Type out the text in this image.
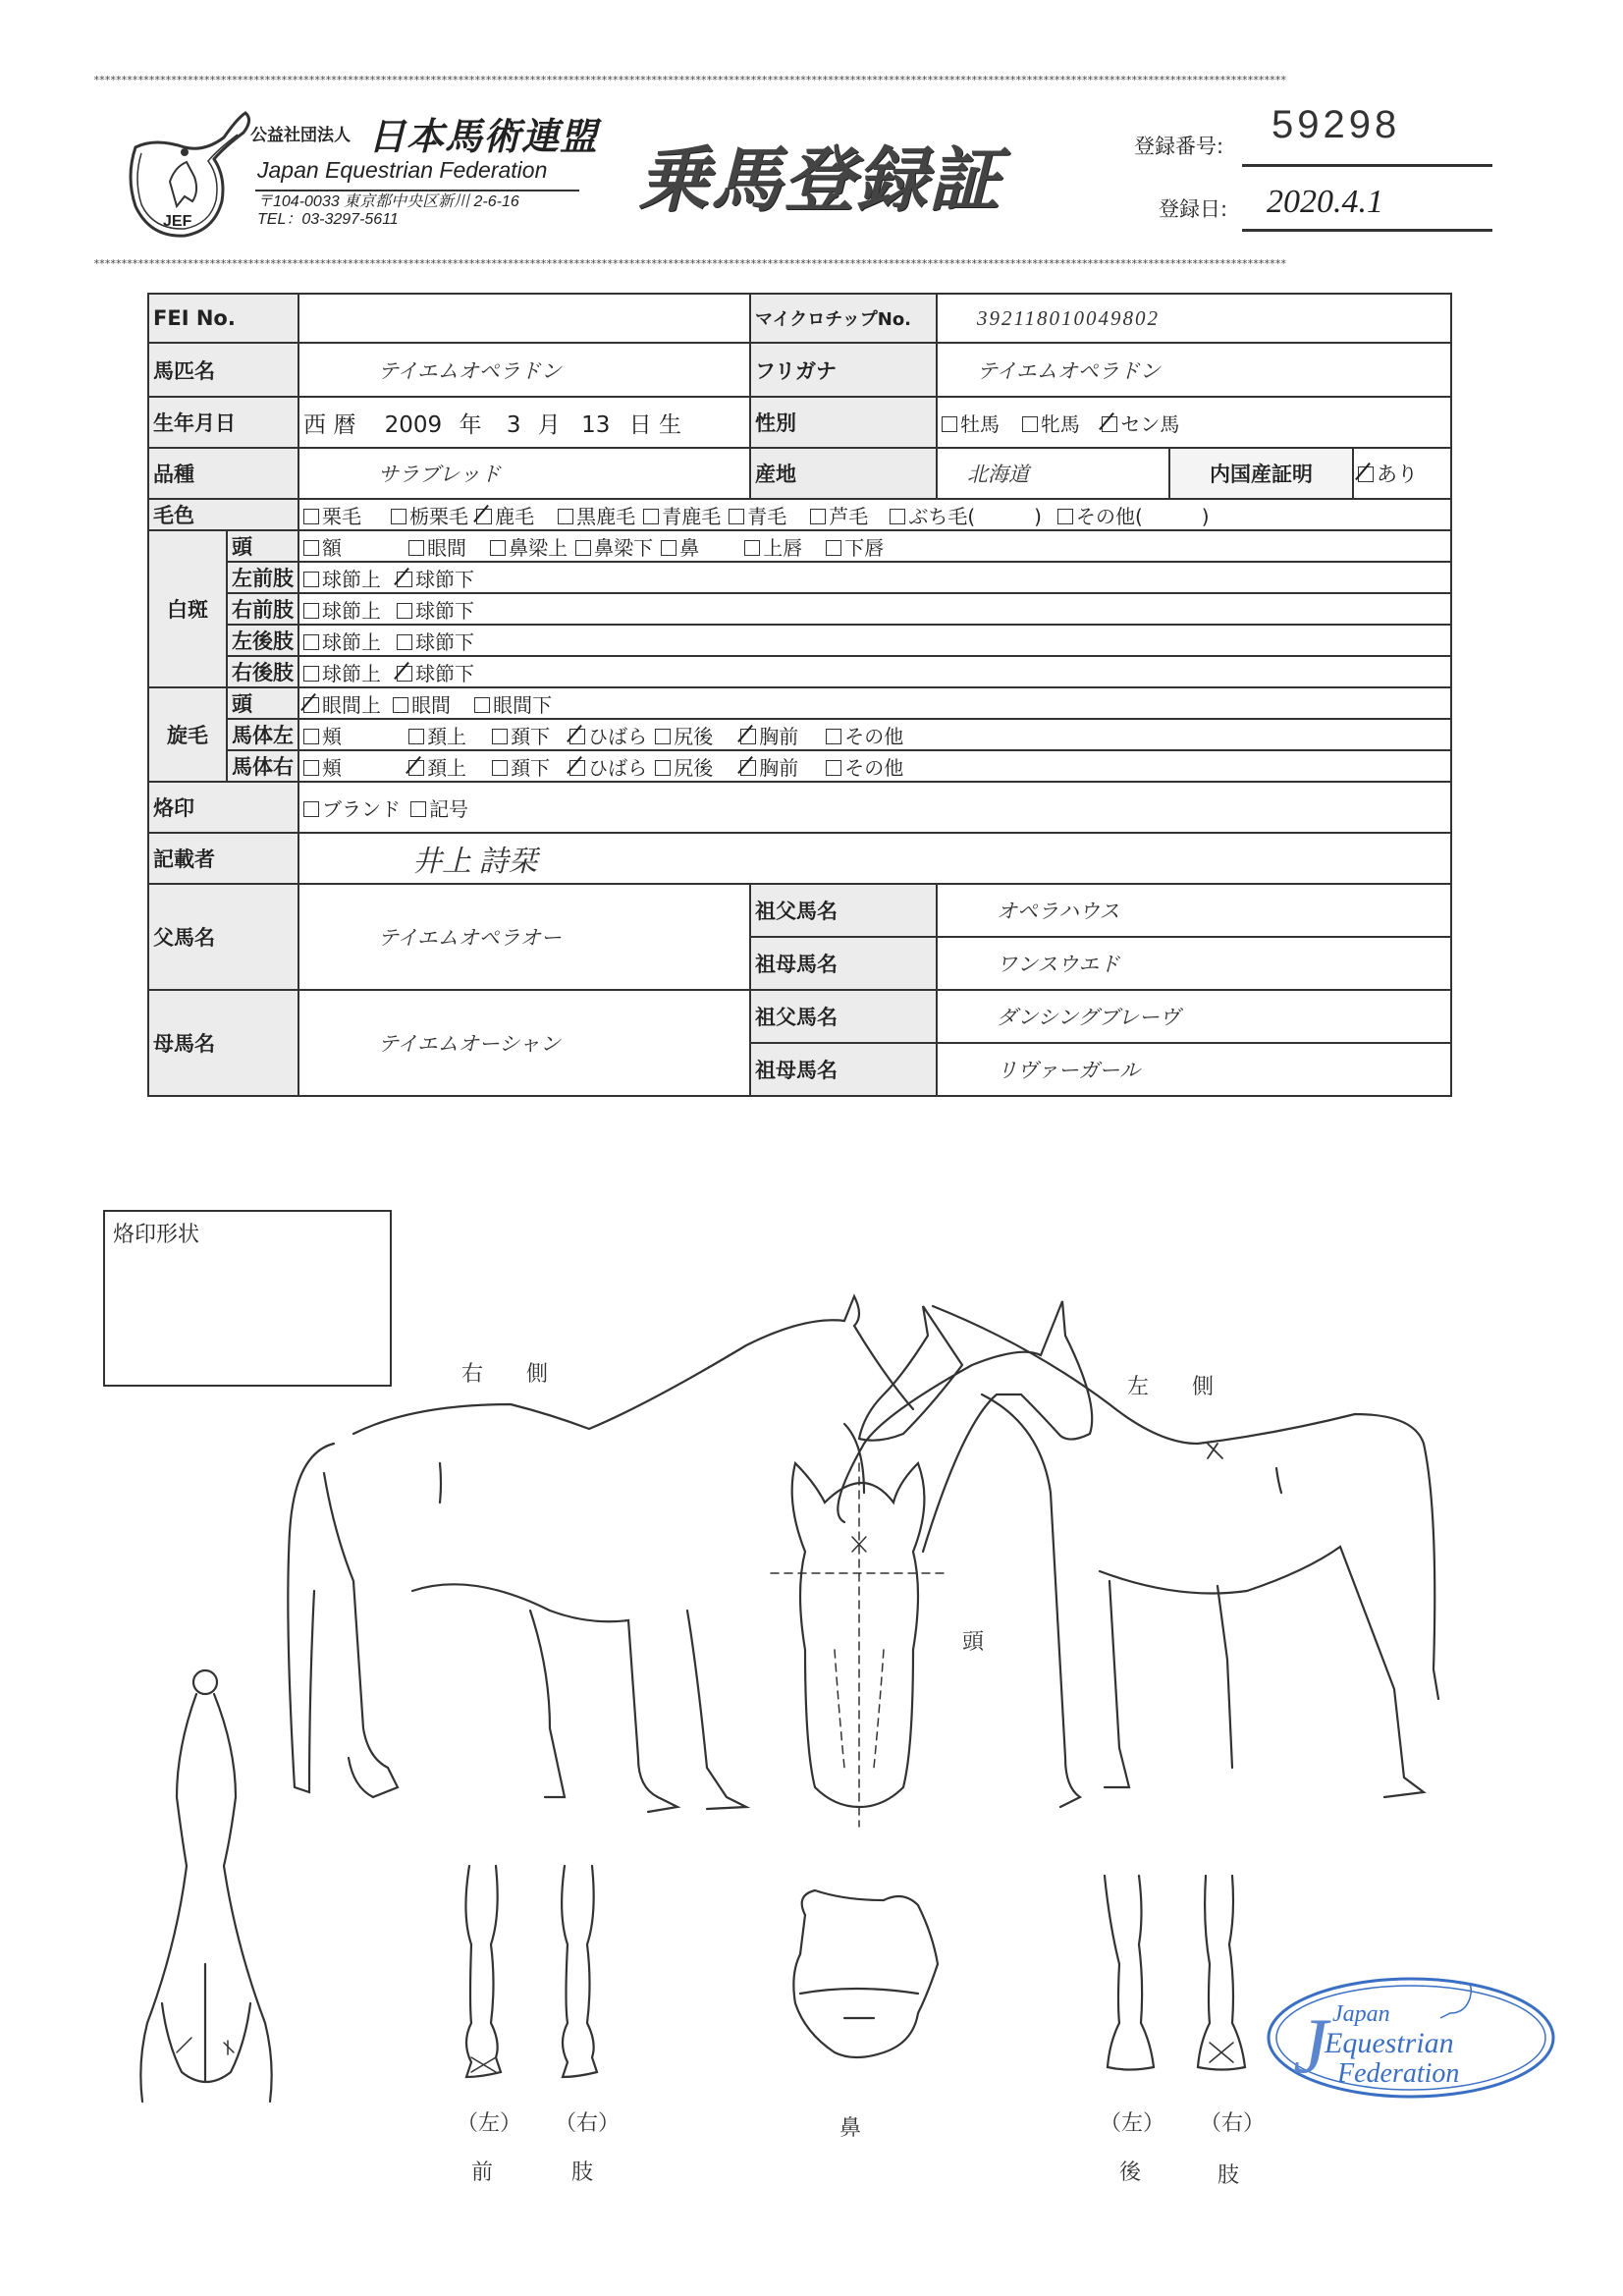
************************************************************************************************************************************************************************************************************************
************************************************************************************************************************************************************************************************************************
JEF
公益社団法人 日本馬術連盟
Japan Equestrian Federation
〒104-0033 東京都中央区新川 2-6-16
TEL：03-3297-5611	乗馬登録証	登録番号: 59298
登録日: 2020.4.1
FEI No.			マイクロチップNo.	392118010049802		
馬匹名		テイエムオペラドン	フリガナ	テイエムオペラドン		
生年月日		西 暦 2009 年 3 月 13 日 生	性別	牡馬 牝馬 セン馬		
品種		サラブレッド	産地	北海道	内国産証明	あり
毛色		栗毛 栃栗毛 鹿毛 黒鹿毛 青鹿毛 青毛 芦毛 ぶち毛(　　　) その他(　　　)				
白斑	頭	額 眼間 鼻梁上 鼻梁下 鼻 上唇 下唇				
	左前肢	球節上 球節下				
	右前肢	球節上 球節下				
	左後肢	球節上 球節下				
	右後肢	球節上 球節下				
旋毛	頭	眼間上 眼間 眼間下				
	馬体左	頬 頚上 頚下 ひばら 尻後 胸前 その他				
	馬体右	頬 頚上 頚下 ひばら 尻後 胸前 その他				
烙印		ブランド 記号				
記載者		井上 詩栞				
父馬名		テイエムオペラオー	祖父馬名	オペラハウス		
			祖母馬名	ワンスウエド		
母馬名		テイエムオーシャン	祖父馬名	ダンシングブレーヴ		
			祖母馬名	リヴァーガール		
烙印形状
右　　側
左　　側
頭
鼻
（左） （右）
前	肢
（左） （右）
後	肢
J Japan
Equestrian
Federation
